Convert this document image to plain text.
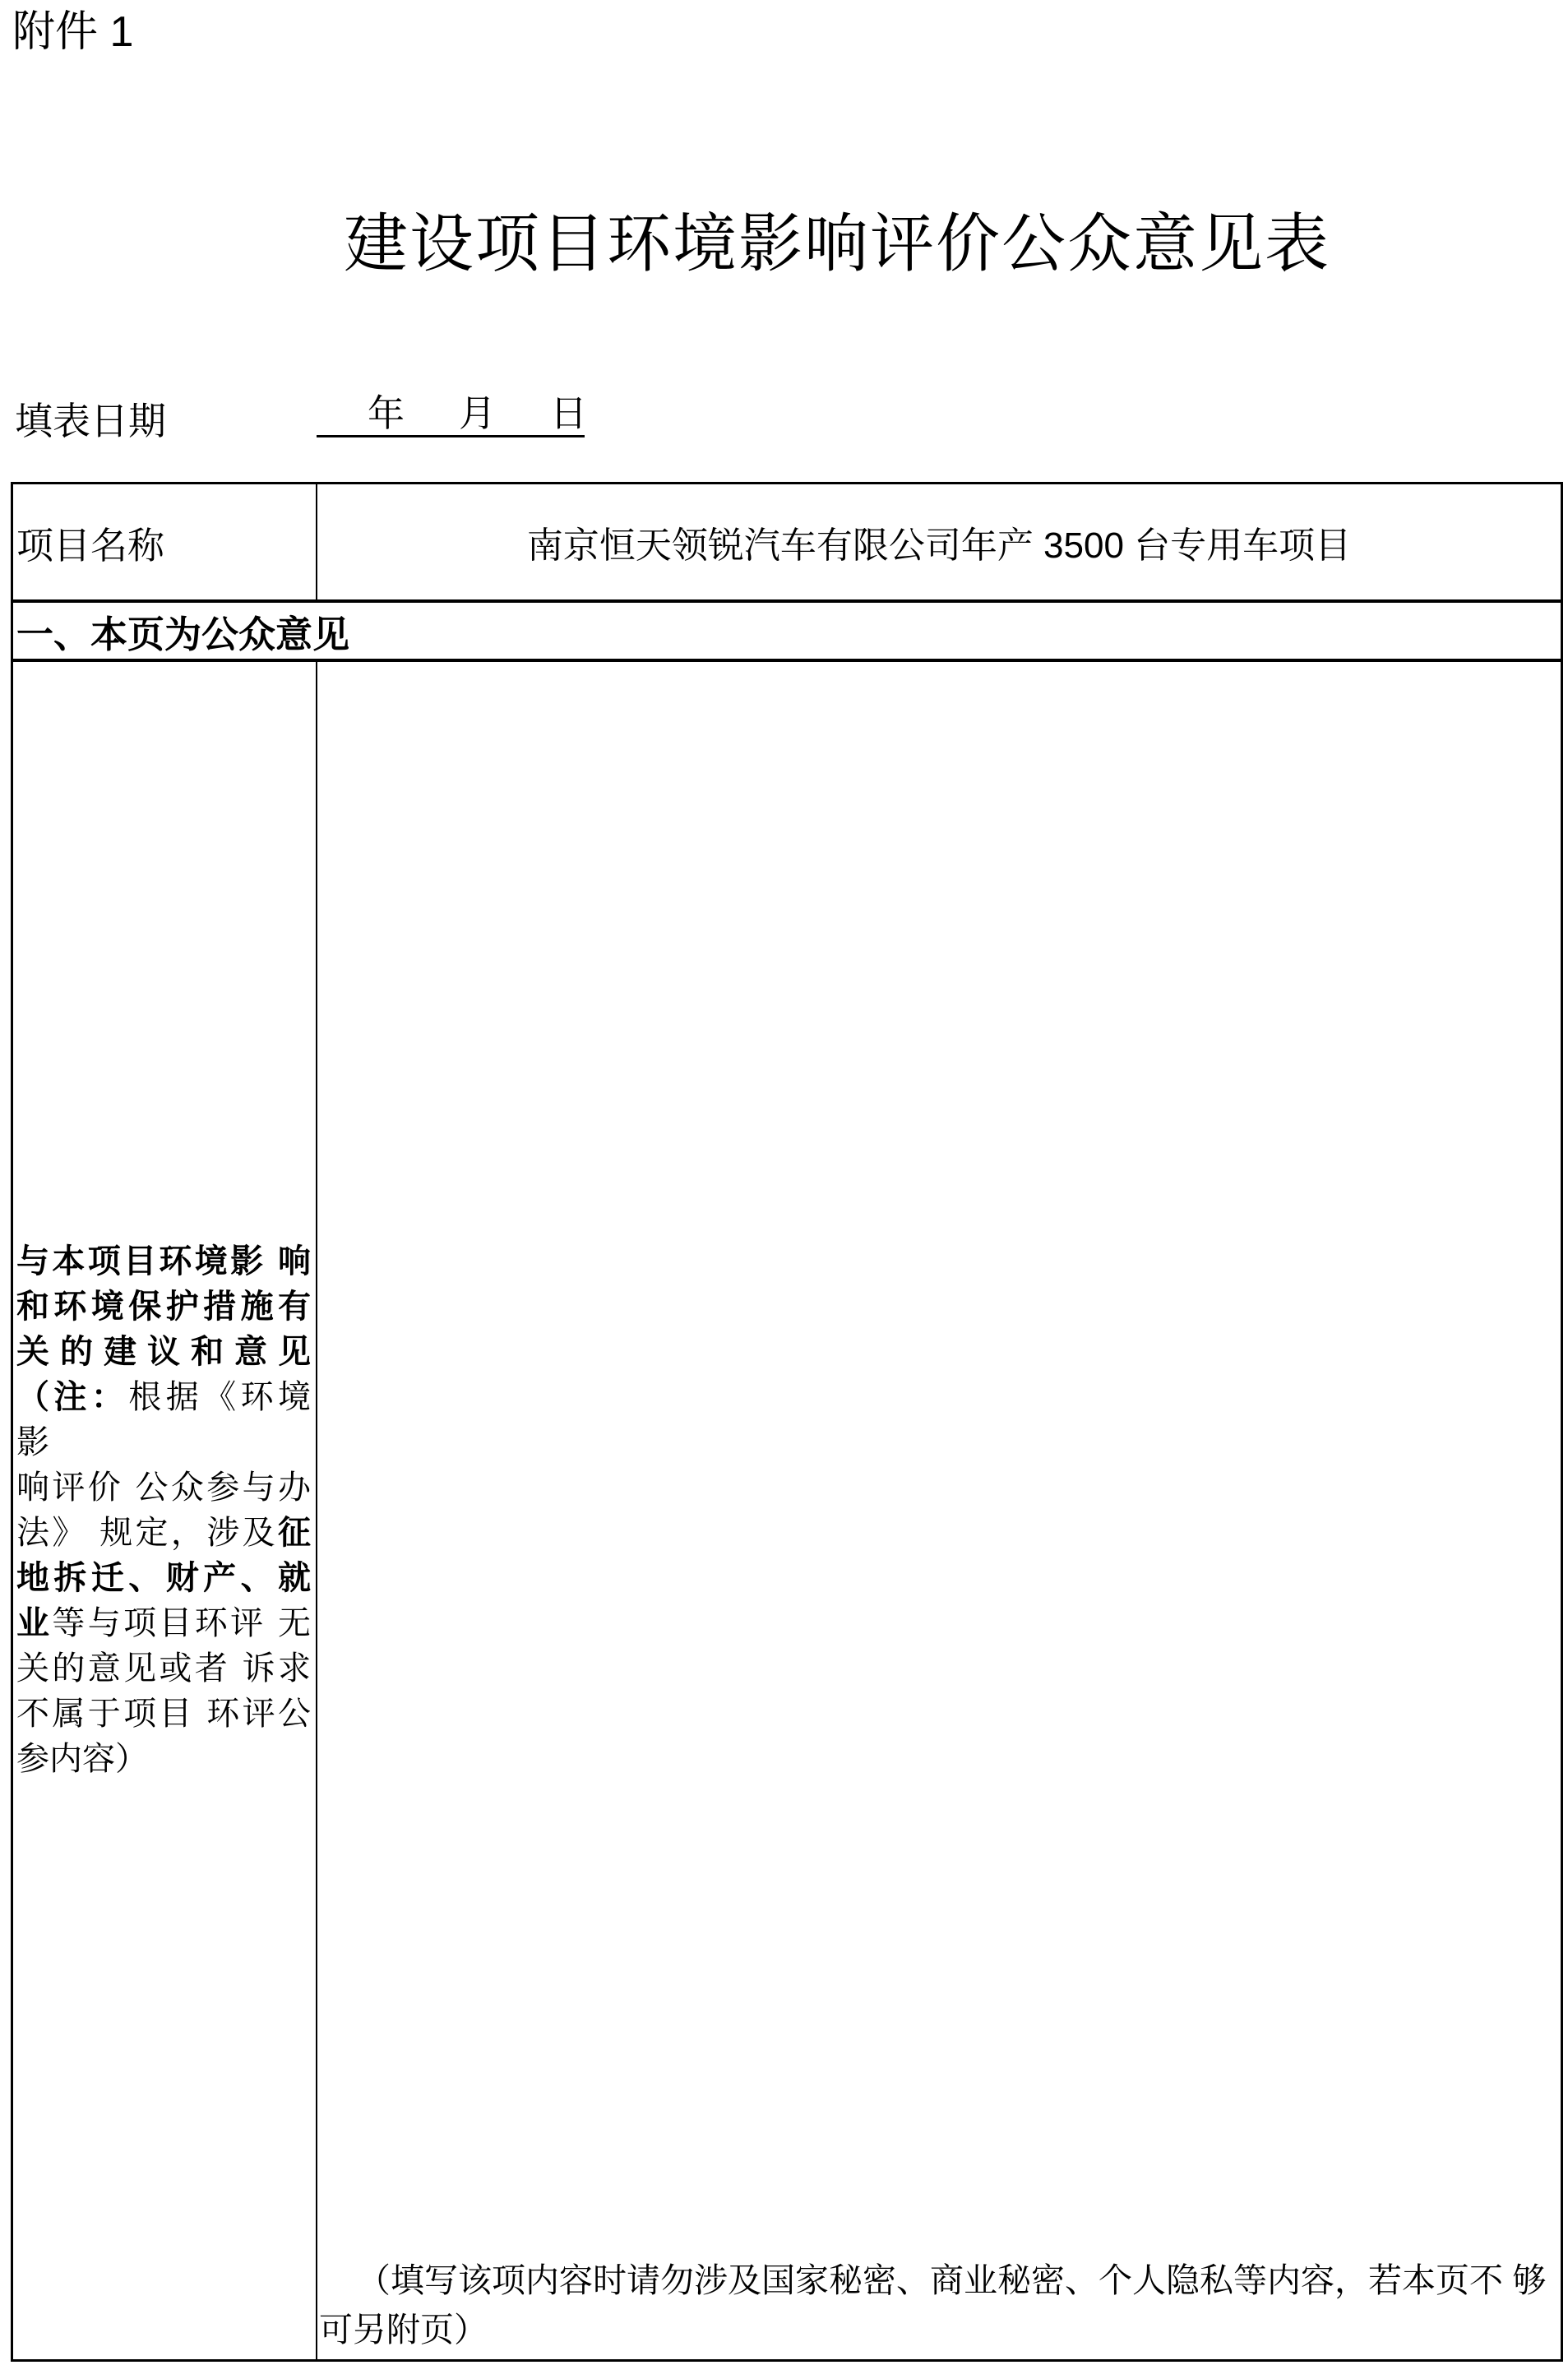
附件 1
建设项目环境影响评价公众意见表
填表日期	年 月 日
项目名称	南京恒天领锐汽车有限公司年产 3500 台专用车项目
一、本页为公众意见
与本项目环境影 响
和环境保护措施有
关的建议和意见
（注：根据《环境影
响评价 公众参与办
法》 规定，涉及征
地拆迁、财产、就
业等与项目环评 无
关的意见或者 诉求
不属于项目 环评公
参内容）
（填写该项内容时请勿涉及国家秘密、商业秘密、个人隐私等内容，若本页不 够
可另附页）
